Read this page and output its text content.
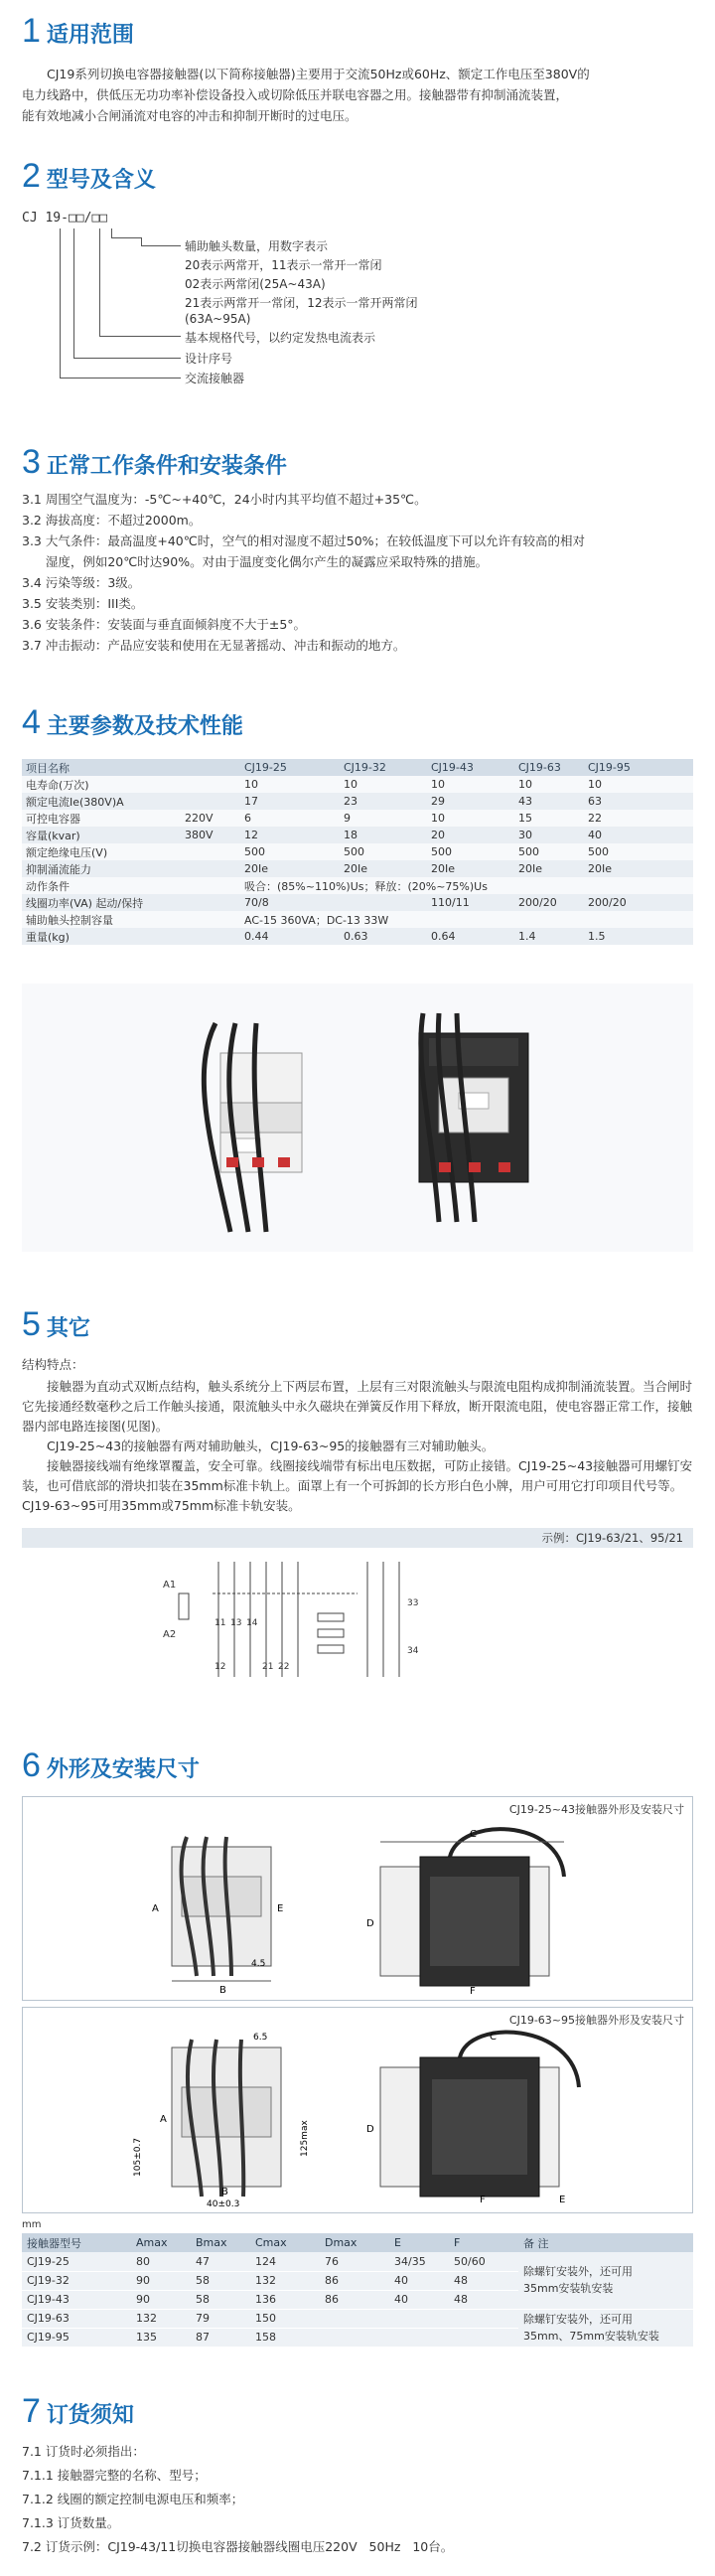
1 适用范围
CJ19系列切换电容器接触器(以下简称接触器)主要用于交流50Hz或60Hz、额定工作电压至380V的
电力线路中，供低压无功功率补偿设备投入或切除低压并联电容器之用。接触器带有抑制涌流装置，
能有效地减小合闸涌流对电容的冲击和抑制开断时的过电压。
2 型号及含义
CJ 19-□□/□□
辅助触头数量，用数字表示
20表示两常开，11表示一常开一常闭
02表示两常闭(25A~43A)
21表示两常开一常闭，12表示一常开两常闭
(63A~95A)
基本规格代号，以约定发热电流表示
设计序号
交流接触器
3 正常工作条件和安装条件
3.1 周围空气温度为：-5℃~+40℃，24小时内其平均值不超过+35℃。
3.2 海拔高度：不超过2000m。
3.3 大气条件：最高温度+40℃时，空气的相对湿度不超过50%；在较低温度下可以允许有较高的相对
湿度，例如20℃时达90%。对由于温度变化偶尔产生的凝露应采取特殊的措施。
3.4 污染等级：3级。
3.5 安装类别：III类。
3.6 安装条件：安装面与垂直面倾斜度不大于±5°。
3.7 冲击振动：产品应安装和使用在无显著摇动、冲击和振动的地方。
4 主要参数及技术性能
项目名称		CJ19-25	CJ19-32	CJ19-43	CJ19-63	CJ19-95
电寿命(万次)		10	10	10	10	10
额定电流Ie(380V)A		17	23	29	43	63
可控电容器	220V	6	9	10	15	22
容量(kvar)	380V	12	18	20	30	40
额定绝缘电压(V)		500	500	500	500	500
抑制涌流能力		20Ie	20Ie	20Ie	20Ie	20Ie
动作条件		吸合：(85%~110%)Us；释放：(20%~75%)Us				
线圈功率(VA) 起动/保持		70/8		110/11	200/20	200/20
辅助触头控制容量		AC-15 360VA；DC-13 33W				
重量(kg)		0.44	0.63	0.64	1.4	1.5
5 其它
结构特点：
接触器为直动式双断点结构，触头系统分上下两层布置，上层有三对限流触头与限流电阻构成抑制涌流装置。当合闸时它先接通经数毫秒之后工作触头接通，限流触头中永久磁块在弹簧反作用下释放，断开限流电阻，使电容器正常工作，接触器内部电路连接图(见图)。
CJ19-25~43的接触器有两对辅助触头，CJ19-63~95的接触器有三对辅助触头。
接触器接线端有绝缘罩覆盖，安全可靠。线圈接线端带有标出电压数据，可防止接错。CJ19-25~43接触器可用螺钉安装，也可借底部的滑块扣装在35mm标准卡轨上。面罩上有一个可拆卸的长方形白色小牌，用户可用它打印项目代号等。CJ19-63~95可用35mm或75mm标准卡轨安装。
示例：CJ19-63/21、95/21
A1
A2
11
12
13 14
21 22
33
34
6 外形及安装尺寸
CJ19-25~43接触器外形及安装尺寸
B
A	E
4.5
C
D
F
CJ19-63~95接触器外形及安装尺寸
6.5
105±0.7	125max
40±0.3
A
B
C
D
E
F
mm
接触器型号	Amax	Bmax	Cmax	Dmax	E	F	备 注
CJ19-25	80	47	124	76	34/35	50/60	除螺钉安装外，还可用
35mm安装轨安装

CJ19-32	90	58	132	86	40	48	
CJ19-43	90	58	136	86	40	48	
CJ19-63	132	79	150				除螺钉安装外，还可用
35mm、75mm安装轨安装

CJ19-95	135	87	158				
7 订货须知
7.1 订货时必须指出：
7.1.1 接触器完整的名称、型号；
7.1.2 线圈的额定控制电源电压和频率；
7.1.3 订货数量。
7.2 订货示例：CJ19-43/11切换电容器接触器线圈电压220V   50Hz   10台。
